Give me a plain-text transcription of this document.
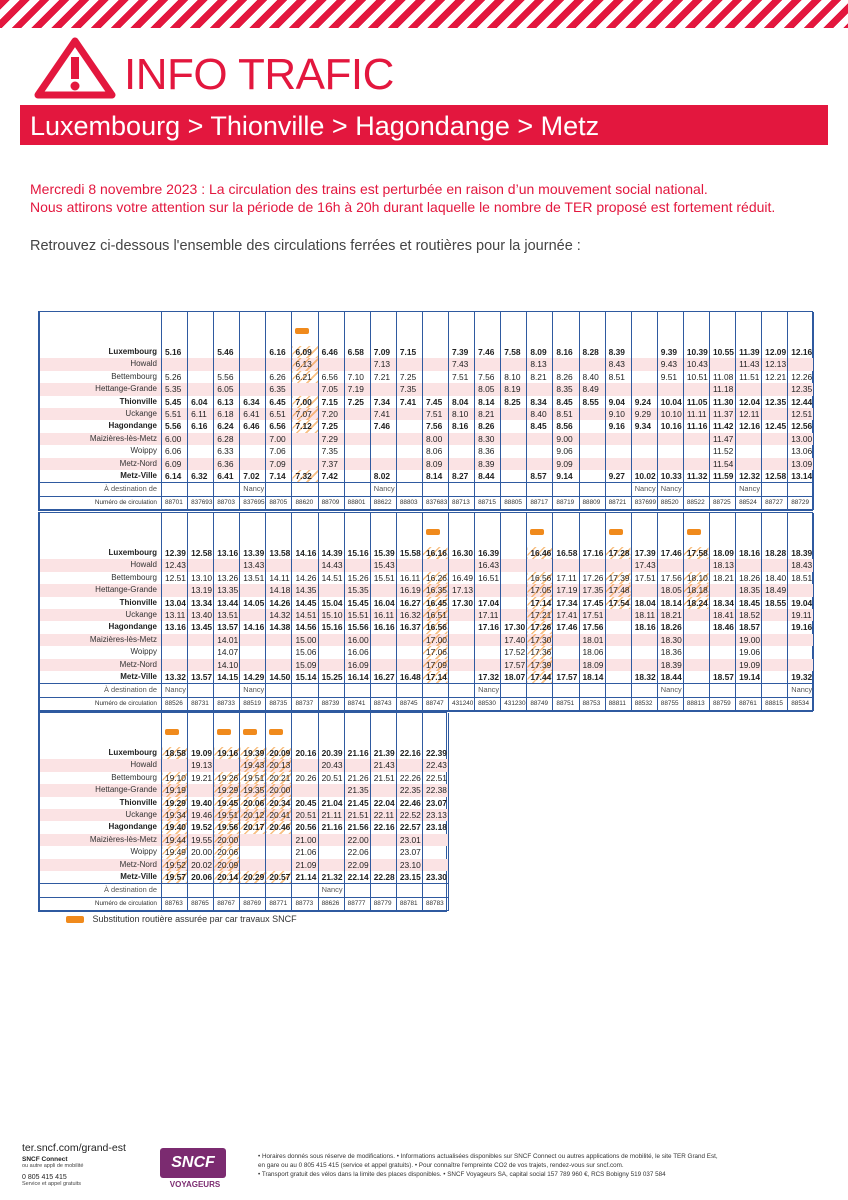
INFO TRAFIC
Luxembourg > Thionville > Hagondange > Metz
Mercredi 8 novembre 2023 : La circulation des trains est perturbée en raison d’un mouvement social national.
Nous attirons votre attention sur la période de 16h à 20h durant laquelle le nombre de TER proposé est fortement réduit.
Retrouvez ci-dessous l'ensemble des circulations ferrées et routières pour la journée :

Luxembourg	5.16		5.46		6.16	6.09	6.46	6.58	7.09	7.15		7.39	7.46	7.58	8.09	8.16	8.28	8.39		9.39	10.39	10.55	11.39	12.09	12.16
Howald						6.13			7.13			7.43			8.13			8.43		9.43	10.43		11.43	12.13	
Bettembourg	5.26		5.56		6.26	6.21	6.56	7.10	7.21	7.25		7.51	7.56	8.10	8.21	8.26	8.40	8.51		9.51	10.51	11.08	11.51	12.21	12.26
Hettange-Grande	5.35		6.05		6.35		7.05	7.19		7.35			8.05	8.19		8.35	8.49					11.18			12.35
Thionville	5.45	6.04	6.13	6.34	6.45	7.00	7.15	7.25	7.34	7.41	7.45	8.04	8.14	8.25	8.34	8.45	8.55	9.04	9.24	10.04	11.05	11.30	12.04	12.35	12.44
Uckange	5.51	6.11	6.18	6.41	6.51	7.07	7.20		7.41		7.51	8.10	8.21		8.40	8.51		9.10	9.29	10.10	11.11	11.37	12.11		12.51
Hagondange	5.56	6.16	6.24	6.46	6.56	7.12	7.25		7.46		7.56	8.16	8.26		8.45	8.56		9.16	9.34	10.16	11.16	11.42	12.16	12.45	12.56
Maizières-lès-Metz	6.00		6.28		7.00		7.29				8.00		8.30			9.00						11.47			13.00
Woippy	6.06		6.33		7.06		7.35				8.06		8.36			9.06						11.52			13.06
Metz-Nord	6.09		6.36		7.09		7.37				8.09		8.39			9.09						11.54			13.09
Metz-Ville	6.14	6.32	6.41	7.02	7.14	7.32	7.42		8.02		8.14	8.27	8.44		8.57	9.14		9.27	10.02	10.33	11.32	11.59	12.32	12.58	13.14
À destination de				Nancy					Nancy										Nancy	Nancy			Nancy		
Numéro de circulation	88701	837693	88703	837695	88705	88620	88709	88801	88622	88803	837683	88713	88715	88805	88717	88719	88809	88721	837699	88520	88522	88725	88524	88727	88729

Luxembourg	12.39	12.58	13.16	13.39	13.58	14.16	14.39	15.16	15.39	15.58	16.16	16.30	16.39		16.46	16.58	17.16	17.28	17.39	17.46	17.58	18.09	18.16	18.28	18.39
Howald	12.43			13.43			14.43		15.43				16.43						17.43			18.13			18.43
Bettembourg	12.51	13.10	13.26	13.51	14.11	14.26	14.51	15.26	15.51	16.11	16.26	16.49	16.51		16.56	17.11	17.26	17.39	17.51	17.56	18.10	18.21	18.26	18.40	18.51
Hettange-Grande		13.19	13.35		14.18	14.35		15.35		16.19	16.35	17.13			17.05	17.19	17.35	17.48		18.05	18.18		18.35	18.49	
Thionville	13.04	13.34	13.44	14.05	14.26	14.45	15.04	15.45	16.04	16.27	16.45	17.30	17.04		17.14	17.34	17.45	17.54	18.04	18.14	18.24	18.34	18.45	18.55	19.04
Uckange	13.11	13.40	13.51		14.32	14.51	15.10	15.51	16.11	16.32	16.51		17.11		17.21	17.41	17.51		18.11	18.21		18.41	18.52		19.11
Hagondange	13.16	13.45	13.57	14.16	14.38	14.56	15.16	15.56	16.16	16.37	16.56		17.16	17.30	17.26	17.46	17.56		18.16	18.26		18.46	18.57		19.16
Maizières-lès-Metz			14.01			15.00		16.00			17.00			17.40	17.30		18.01			18.30			19.00		
Woippy			14.07			15.06		16.06			17.06			17.52	17.36		18.06			18.36			19.06		
Metz-Nord			14.10			15.09		16.09			17.09			17.57	17.39		18.09			18.39			19.09		
Metz-Ville	13.32	13.57	14.15	14.29	14.50	15.14	15.25	16.14	16.27	16.48	17.14		17.32	18.07	17.44	17.57	18.14		18.32	18.44		18.57	19.14		19.32
À destination de	Nancy			Nancy									Nancy							Nancy					Nancy
Numéro de circulation	88526	88731	88733	88519	88735	88737	88739	88741	88743	88745	88747	431240	88530	431230	88749	88751	88753	88811	88532	88755	88813	88759	88761	88815	88534

Luxembourg	18.58	19.09	19.16	19.39	20.09	20.16	20.39	21.16	21.39	22.16	22.39
Howald		19.13		19.43	20.13		20.43		21.43		22.43
Bettembourg	19.10	19.21	19.26	19.51	20.21	20.26	20.51	21.26	21.51	22.26	22.51
Hettange-Grande	19.19		19.29	19.35	20.00			21.35		22.35	22.38
Thionville	19.29	19.40	19.45	20.06	20.34	20.45	21.04	21.45	22.04	22.46	23.07
Uckange	19.34	19.46	19.51	20.12	20.41	20.51	21.11	21.51	22.11	22.52	23.13
Hagondange	19.40	19.52	19.56	20.17	20.46	20.56	21.16	21.56	22.16	22.57	23.18
Maizières-lès-Metz	19.44	19.55	20.00			21.00		22.00		23.01	
Woippy	19.49	20.00	20.06			21.06		22.06		23.07	
Metz-Nord	19.52	20.02	20.09			21.09		22.09		23.10	
Metz-Ville	19.57	20.06	20.14	20.29	20.57	21.14	21.32	22.14	22.28	23.15	23.30
À destination de							Nancy				
Numéro de circulation	88763	88765	88767	88769	88771	88773	88626	88777	88779	88781	88783
Substitution routière assurée par car travaux SNCF
ter.sncf.com/grand-est
SNCF Connect
ou autre appli de mobilité
0 805 415 415
Service et appel gratuits
SNCF
VOYAGEURS
• Horaires donnés sous réserve de modifications. • Informations actualisées disponibles sur SNCF Connect ou autres applications de mobilité, le site TER Grand Est, en gare ou au 0 805 415 415 (service et appel gratuits). • Pour connaître l'empreinte CO2 de vos trajets, rendez-vous sur sncf.com.
• Transport gratuit des vélos dans la limite des places disponibles. • SNCF Voyageurs SA, capital social 157 789 960 €, RCS Bobigny 519 037 584
